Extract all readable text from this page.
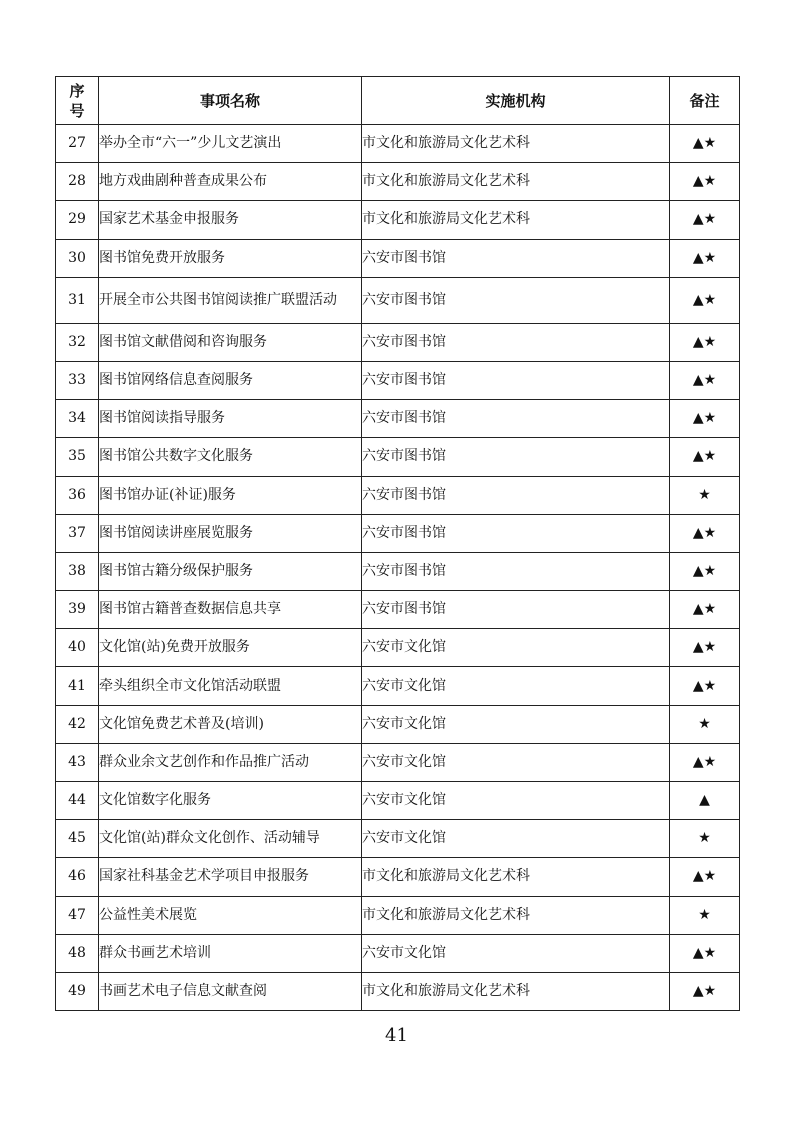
序
号	事项名称	实施机构	备注
27	举办全市“六一”少儿文艺演出	市文化和旅游局文化艺术科	▲★
28	地方戏曲剧种普查成果公布	市文化和旅游局文化艺术科	▲★
29	国家艺术基金申报服务	市文化和旅游局文化艺术科	▲★
30	图书馆免费开放服务	六安市图书馆	▲★
31	开展全市公共图书馆阅读推广联盟活动	六安市图书馆	▲★
32	图书馆文献借阅和咨询服务	六安市图书馆	▲★
33	图书馆网络信息查阅服务	六安市图书馆	▲★
34	图书馆阅读指导服务	六安市图书馆	▲★
35	图书馆公共数字文化服务	六安市图书馆	▲★
36	图书馆办证(补证)服务	六安市图书馆	★
37	图书馆阅读讲座展览服务	六安市图书馆	▲★
38	图书馆古籍分级保护服务	六安市图书馆	▲★
39	图书馆古籍普查数据信息共享	六安市图书馆	▲★
40	文化馆(站)免费开放服务	六安市文化馆	▲★
41	牵头组织全市文化馆活动联盟	六安市文化馆	▲★
42	文化馆免费艺术普及(培训)	六安市文化馆	★
43	群众业余文艺创作和作品推广活动	六安市文化馆	▲★
44	文化馆数字化服务	六安市文化馆	▲
45	文化馆(站)群众文化创作、活动辅导	六安市文化馆	★
46	国家社科基金艺术学项目申报服务	市文化和旅游局文化艺术科	▲★
47	公益性美术展览	市文化和旅游局文化艺术科	★
48	群众书画艺术培训	六安市文化馆	▲★
49	书画艺术电子信息文献查阅	市文化和旅游局文化艺术科	▲★
41
